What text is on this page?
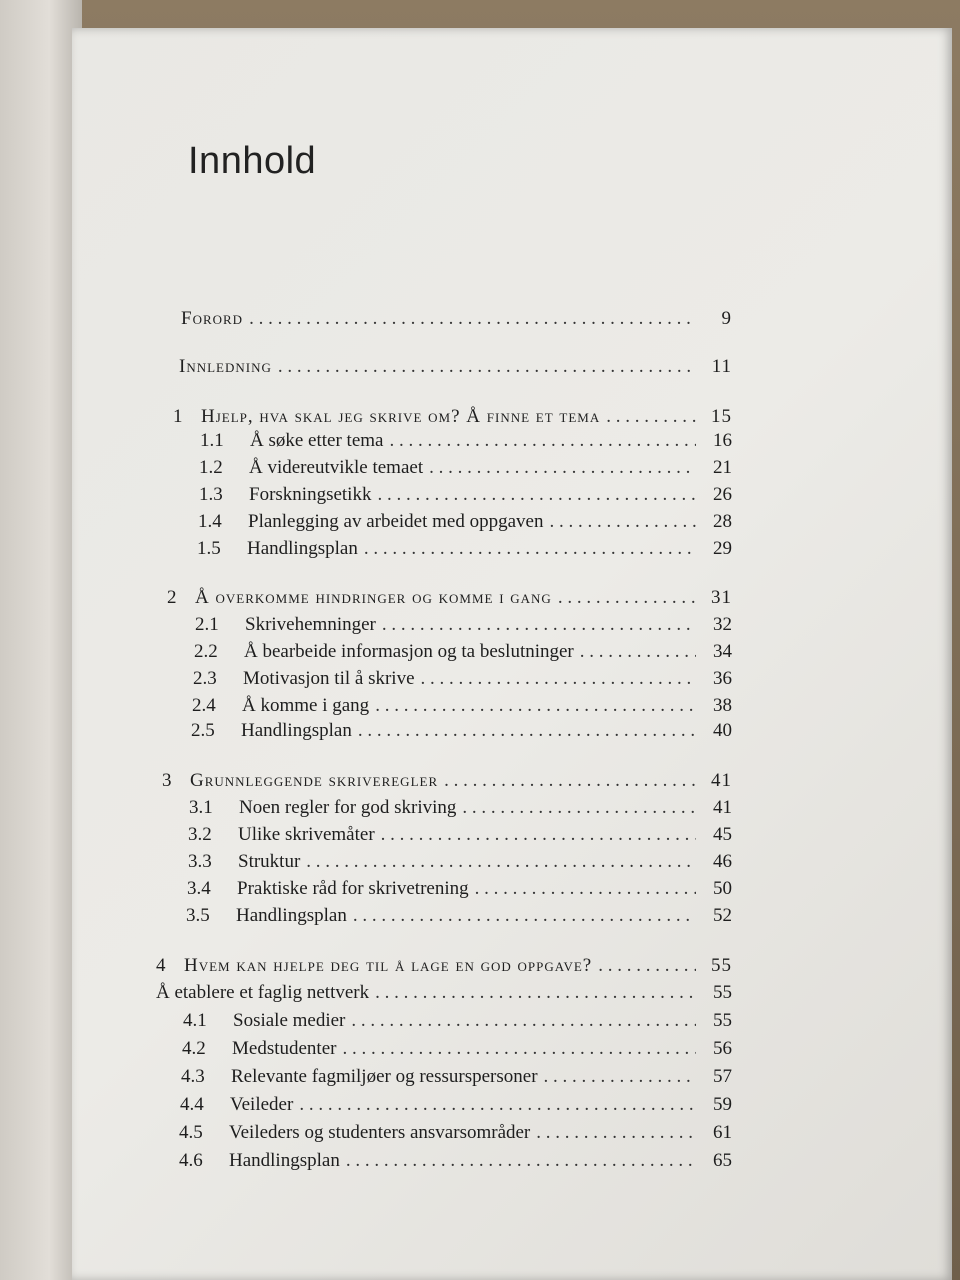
Innhold
Forord . . .	9
Innledning . . .	11
1 Hjelp, hva skal jeg skrive om? Å finne et tema . . .	15
1.1	Å søke etter tema . . .	16
1.2	Å videreutvikle temaet . . .	21
1.3	Forskningsetikk . . .	26
1.4	Planlegging av arbeidet med oppgaven . . .	28
1.5	Handlingsplan . . .	29
2 Å overkomme hindringer og komme i gang . . .	31
2.1	Skrivehemninger . . .	32
2.2	Å bearbeide informasjon og ta beslutninger . . .	34
2.3	Motivasjon til å skrive . . .	36
2.4	Å komme i gang . . .	38
2.5	Handlingsplan . . .	40
3 Grunnleggende skriveregler . . .	41
3.1	Noen regler for god skriving . . .	41
3.2	Ulike skrivemåter . . .	45
3.3	Struktur . . .	46
3.4	Praktiske råd for skrivetrening . . .	50
3.5	Handlingsplan . . .	52
4 Hvem kan hjelpe deg til å lage en god oppgave? . . .	55
Å etablere et faglig nettverk . . .	55
4.1	Sosiale medier . . .	55
4.2	Medstudenter . . .	56
4.3	Relevante fagmiljøer og ressurspersoner . . .	57
4.4	Veileder . . .	59
4.5	Veileders og studenters ansvarsområder . . .	61
4.6	Handlingsplan . . .	65
